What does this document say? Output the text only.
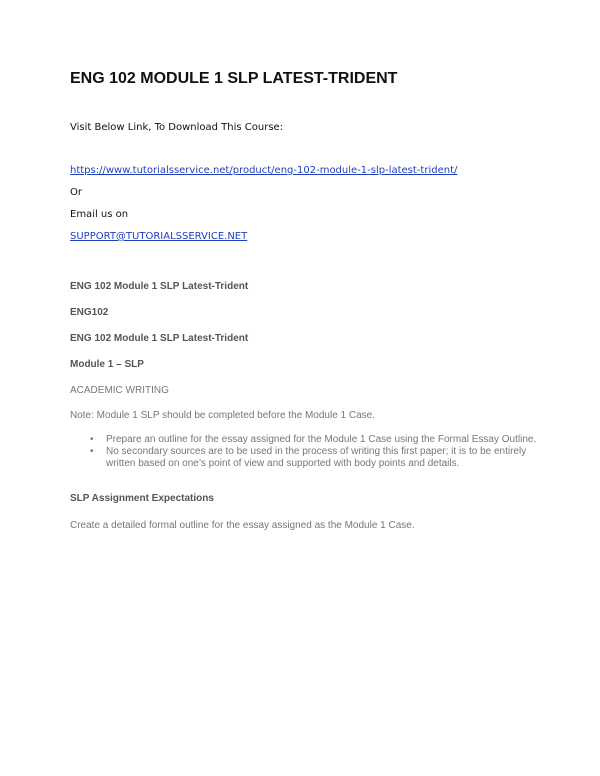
ENG 102 MODULE 1 SLP LATEST-TRIDENT
Visit Below Link, To Download This Course:
https://www.tutorialsservice.net/product/eng-102-module-1-slp-latest-trident/
Or
Email us on
SUPPORT@TUTORIALSSERVICE.NET
ENG 102 Module 1 SLP Latest-Trident
ENG102
ENG 102 Module 1 SLP Latest-Trident
Module 1 – SLP
ACADEMIC WRITING
Note: Module 1 SLP should be completed before the Module 1 Case.
• Prepare an outline for the essay assigned for the Module 1 Case using the Formal Essay Outline.
• No secondary sources are to be used in the process of writing this first paper; it is to be entirely written based on one’s point of view and supported with body points and details.
SLP Assignment Expectations
Create a detailed formal outline for the essay assigned as the Module 1 Case.
